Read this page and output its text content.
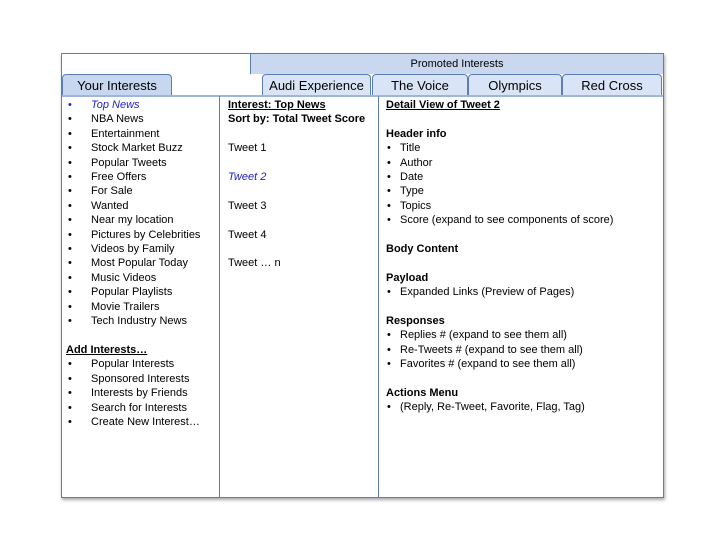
Promoted Interests
Your Interests	Audi Experience	The Voice	Olympics	Red Cross
• Top News
• NBA News
• Entertainment
• Stock Market Buzz
• Popular Tweets
• Free Offers
• For Sale
• Wanted
• Near my location
• Pictures by Celebrities
• Videos by Family
• Most Popular Today
• Music Videos
• Popular Playlists
• Movie Trailers
• Tech Industry News
Add Interests…
• Popular Interests
• Sponsored Interests
• Interests by Friends
• Search for Interests
• Create New Interest…
Interest: Top News
Sort by: Total Tweet Score
Tweet 1
Tweet 2
Tweet 3
Tweet 4
Tweet … n
Detail View of Tweet 2
Header info
• Title
• Author
• Date
• Type
• Topics
• Score (expand to see components of score)
Body Content
Payload
• Expanded Links (Preview of Pages)
Responses
• Replies # (expand to see them all)
• Re-Tweets # (expand to see them all)
• Favorites # (expand to see them all)
Actions Menu
• (Reply, Re-Tweet, Favorite, Flag, Tag)
